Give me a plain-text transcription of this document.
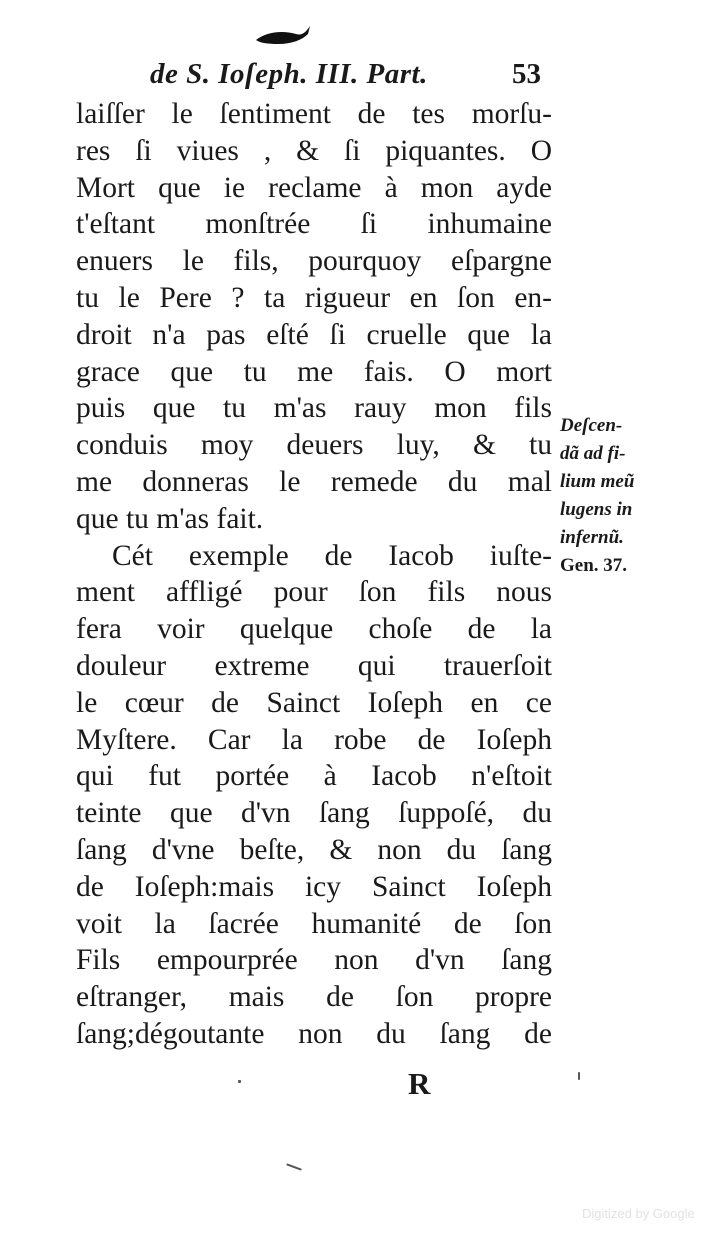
de S. Ioſeph. III. Part.	53
laiſſer le ſentiment de tes morſu-
res ſi viues , & ſi piquantes. O
Mort que ie reclame à mon ayde
t'eſtant monſtrée ſi inhumaine
enuers le fils, pourquoy eſpargne
tu le Pere ? ta rigueur en ſon en-
droit n'a pas eſté ſi cruelle que la
grace que tu me fais. O mort
puis que tu m'as rauy mon fils
conduis moy deuers luy, & tu
me donneras le remede du mal
que tu m'as fait.
Cét exemple de Iacob iuſte-
ment affligé pour ſon fils nous
fera voir quelque choſe de la
douleur extreme qui trauerſoit
le cœur de Sainct Ioſeph en ce
Myſtere. Car la robe de Ioſeph
qui fut portée à Iacob n'eſtoit
teinte que d'vn ſang ſuppoſé, du
ſang d'vne beſte, & non du ſang
de Ioſeph:mais icy Sainct Ioſeph
voit la ſacrée humanité de ſon
Fils empourprée non d'vn ſang
eſtranger, mais de ſon propre
ſang;dégoutante non du ſang de
Deſcen-
dã ad fi-
lium meũ
lugens in
infernũ.
Gen. 37.
R
Digitized by Google
